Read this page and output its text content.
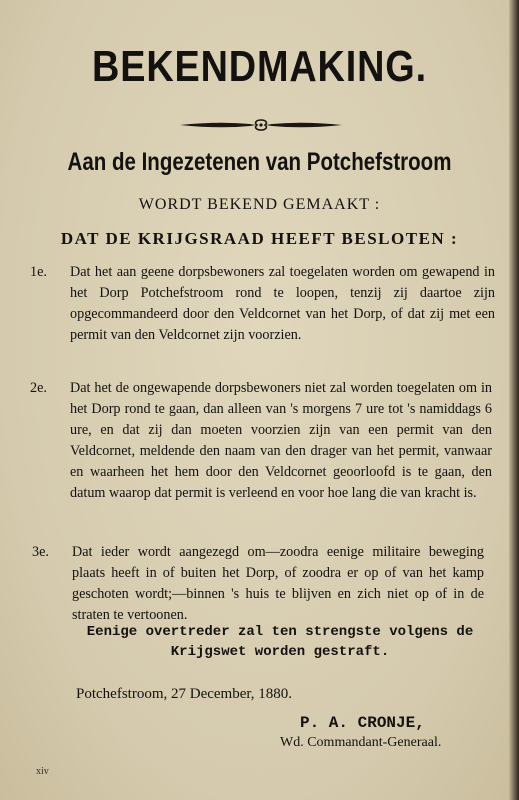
BEKENDMAKING.
Aan de Ingezetenen van Potchefstroom
WORDT BEKEND GEMAAKT :
DAT DE KRIJGSRAAD HEEFT BESLOTEN :
1e. Dat het aan geene dorpsbewoners zal toegelaten worden om gewapend in het Dorp Potchefstroom rond te loopen, tenzij zij daartoe zijn opgecommandeerd door den Veldcornet van het Dorp, of dat zij met een permit van den Veldcornet zijn voorzien.
2e. Dat het de ongewapende dorpsbewoners niet zal worden toegelaten om in het Dorp rond te gaan, dan alleen van 's morgens 7 ure tot 's namiddags 6 ure, en dat zij dan moeten voorzien zijn van een permit van den Veldcornet, meldende den naam van den drager van het permit, vanwaar en waarheen het hem door den Veldcornet geoorloofd is te gaan, den datum waarop dat permit is verleend en voor hoe lang die van kracht is.
3e. Dat ieder wordt aangezegd om—zoodra eenige militaire beweging plaats heeft in of buiten het Dorp, of zoodra er op of van het kamp geschoten wordt;—binnen 's huis te blijven en zich niet op of in de straten te vertoonen.
Eenige overtreder zal ten strengste volgens de Krijgswet worden gestraft.
Potchefstroom, 27 December, 1880.
P. A. CRONJE,
Wd. Commandant-Generaal.
xiv
